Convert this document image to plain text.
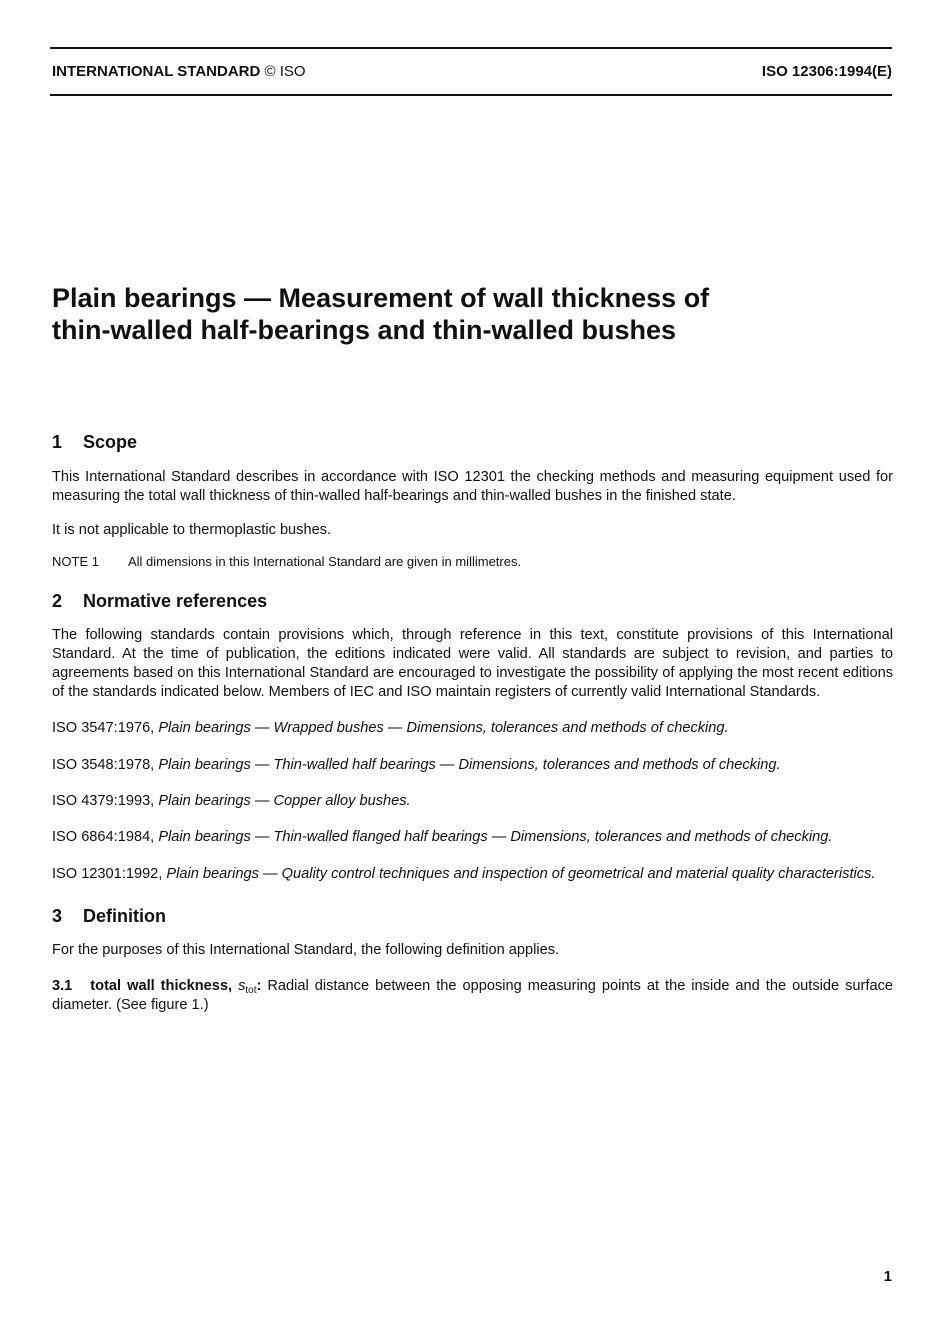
INTERNATIONAL STANDARD © ISO	ISO 12306:1994(E)
Plain bearings — Measurement of wall thickness of
thin-walled half-bearings and thin-walled bushes
1 Scope

This International Standard describes in accordance with ISO 12301 the checking methods and measuring equipment used for measuring the total wall thickness of thin-walled half-bearings and thin-walled bushes in the finished state.

It is not applicable to thermoplastic bushes.

NOTE 1 All dimensions in this International Standard are given in millimetres.

2 Normative references

The following standards contain provisions which, through reference in this text, constitute provisions of this International Standard. At the time of publication, the editions indicated were valid. All standards are subject to revision, and parties to agreements based on this International Standard are encouraged to investigate the possibility of applying the most recent editions of the standards indicated below. Members of IEC and ISO maintain registers of currently valid International Standards.

ISO 3547:1976, Plain bearings — Wrapped bushes — Dimensions, tolerances and methods of checking.

ISO 3548:1978, Plain bearings — Thin-walled half bearings — Dimensions, tolerances and methods of checking.

ISO 4379:1993, Plain bearings — Copper alloy bushes.

ISO 6864:1984, Plain bearings — Thin-walled flanged half bearings — Dimensions, tolerances and methods of checking.

ISO 12301:1992, Plain bearings — Quality control techniques and inspection of geometrical and material quality characteristics.

3 Definition

For the purposes of this International Standard, the following definition applies.

3.1 total wall thickness, $s_{tot}$: Radial distance between the opposing measuring points at the inside and the outside surface diameter. (See figure 1.)

1
